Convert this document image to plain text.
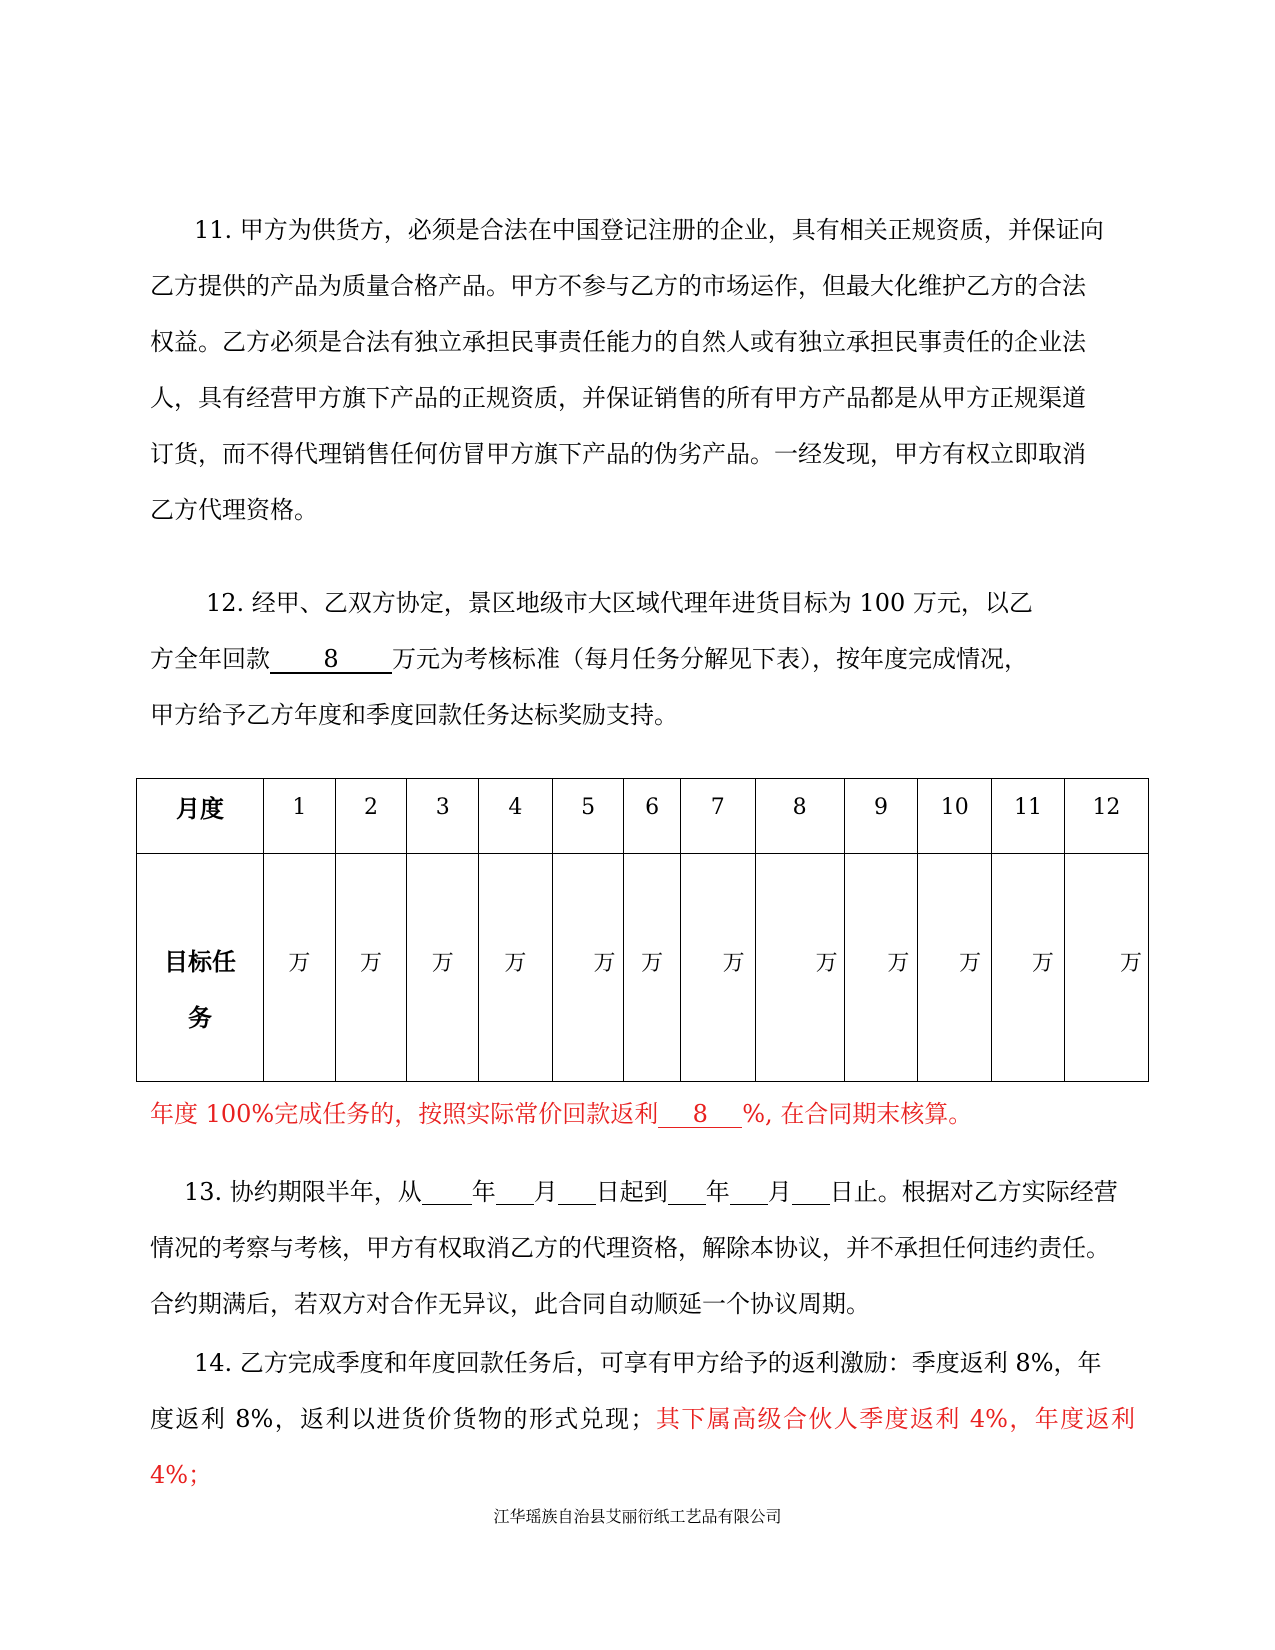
11. 甲方为供货方，必须是合法在中国登记注册的企业，具有相关正规资质，并保证向
乙方提供的产品为质量合格产品。甲方不参与乙方的市场运作，但最大化维护乙方的合法
权益。乙方必须是合法有独立承担民事责任能力的自然人或有独立承担民事责任的企业法
人，具有经营甲方旗下产品的正规资质，并保证销售的所有甲方产品都是从甲方正规渠道
订货，而不得代理销售任何仿冒甲方旗下产品的伪劣产品。一经发现，甲方有权立即取消
乙方代理资格。
12. 经甲、乙双方协定，景区地级市大区域代理年进货目标为 100 万元，以乙
方全年回款 8 万元为考核标准（每月任务分解见下表），按年度完成情况，
甲方给予乙方年度和季度回款任务达标奖励支持。
月度	1	2	3	4	5	6	7	8	9	10	11	12

目标任
务	万	万	万	万	万	万	万	万	万	万	万	万
年度 100%完成任务的，按照实际常价回款返利 8 %, 在合同期末核算。
13. 协约期限半年，从 年 月 日起到 年 月 日止。根据对乙方实际经营
情况的考察与考核，甲方有权取消乙方的代理资格，解除本协议，并不承担任何违约责任。
合约期满后，若双方对合作无异议，此合同自动顺延一个协议周期。
14. 乙方完成季度和年度回款任务后，可享有甲方给予的返利激励：季度返利 8%，年
度返利 8%，返利以进货价货物的形式兑现；其下属高级合伙人季度返利 4%，年度返利 4%；
江华瑶族自治县艾丽衍纸工艺品有限公司
